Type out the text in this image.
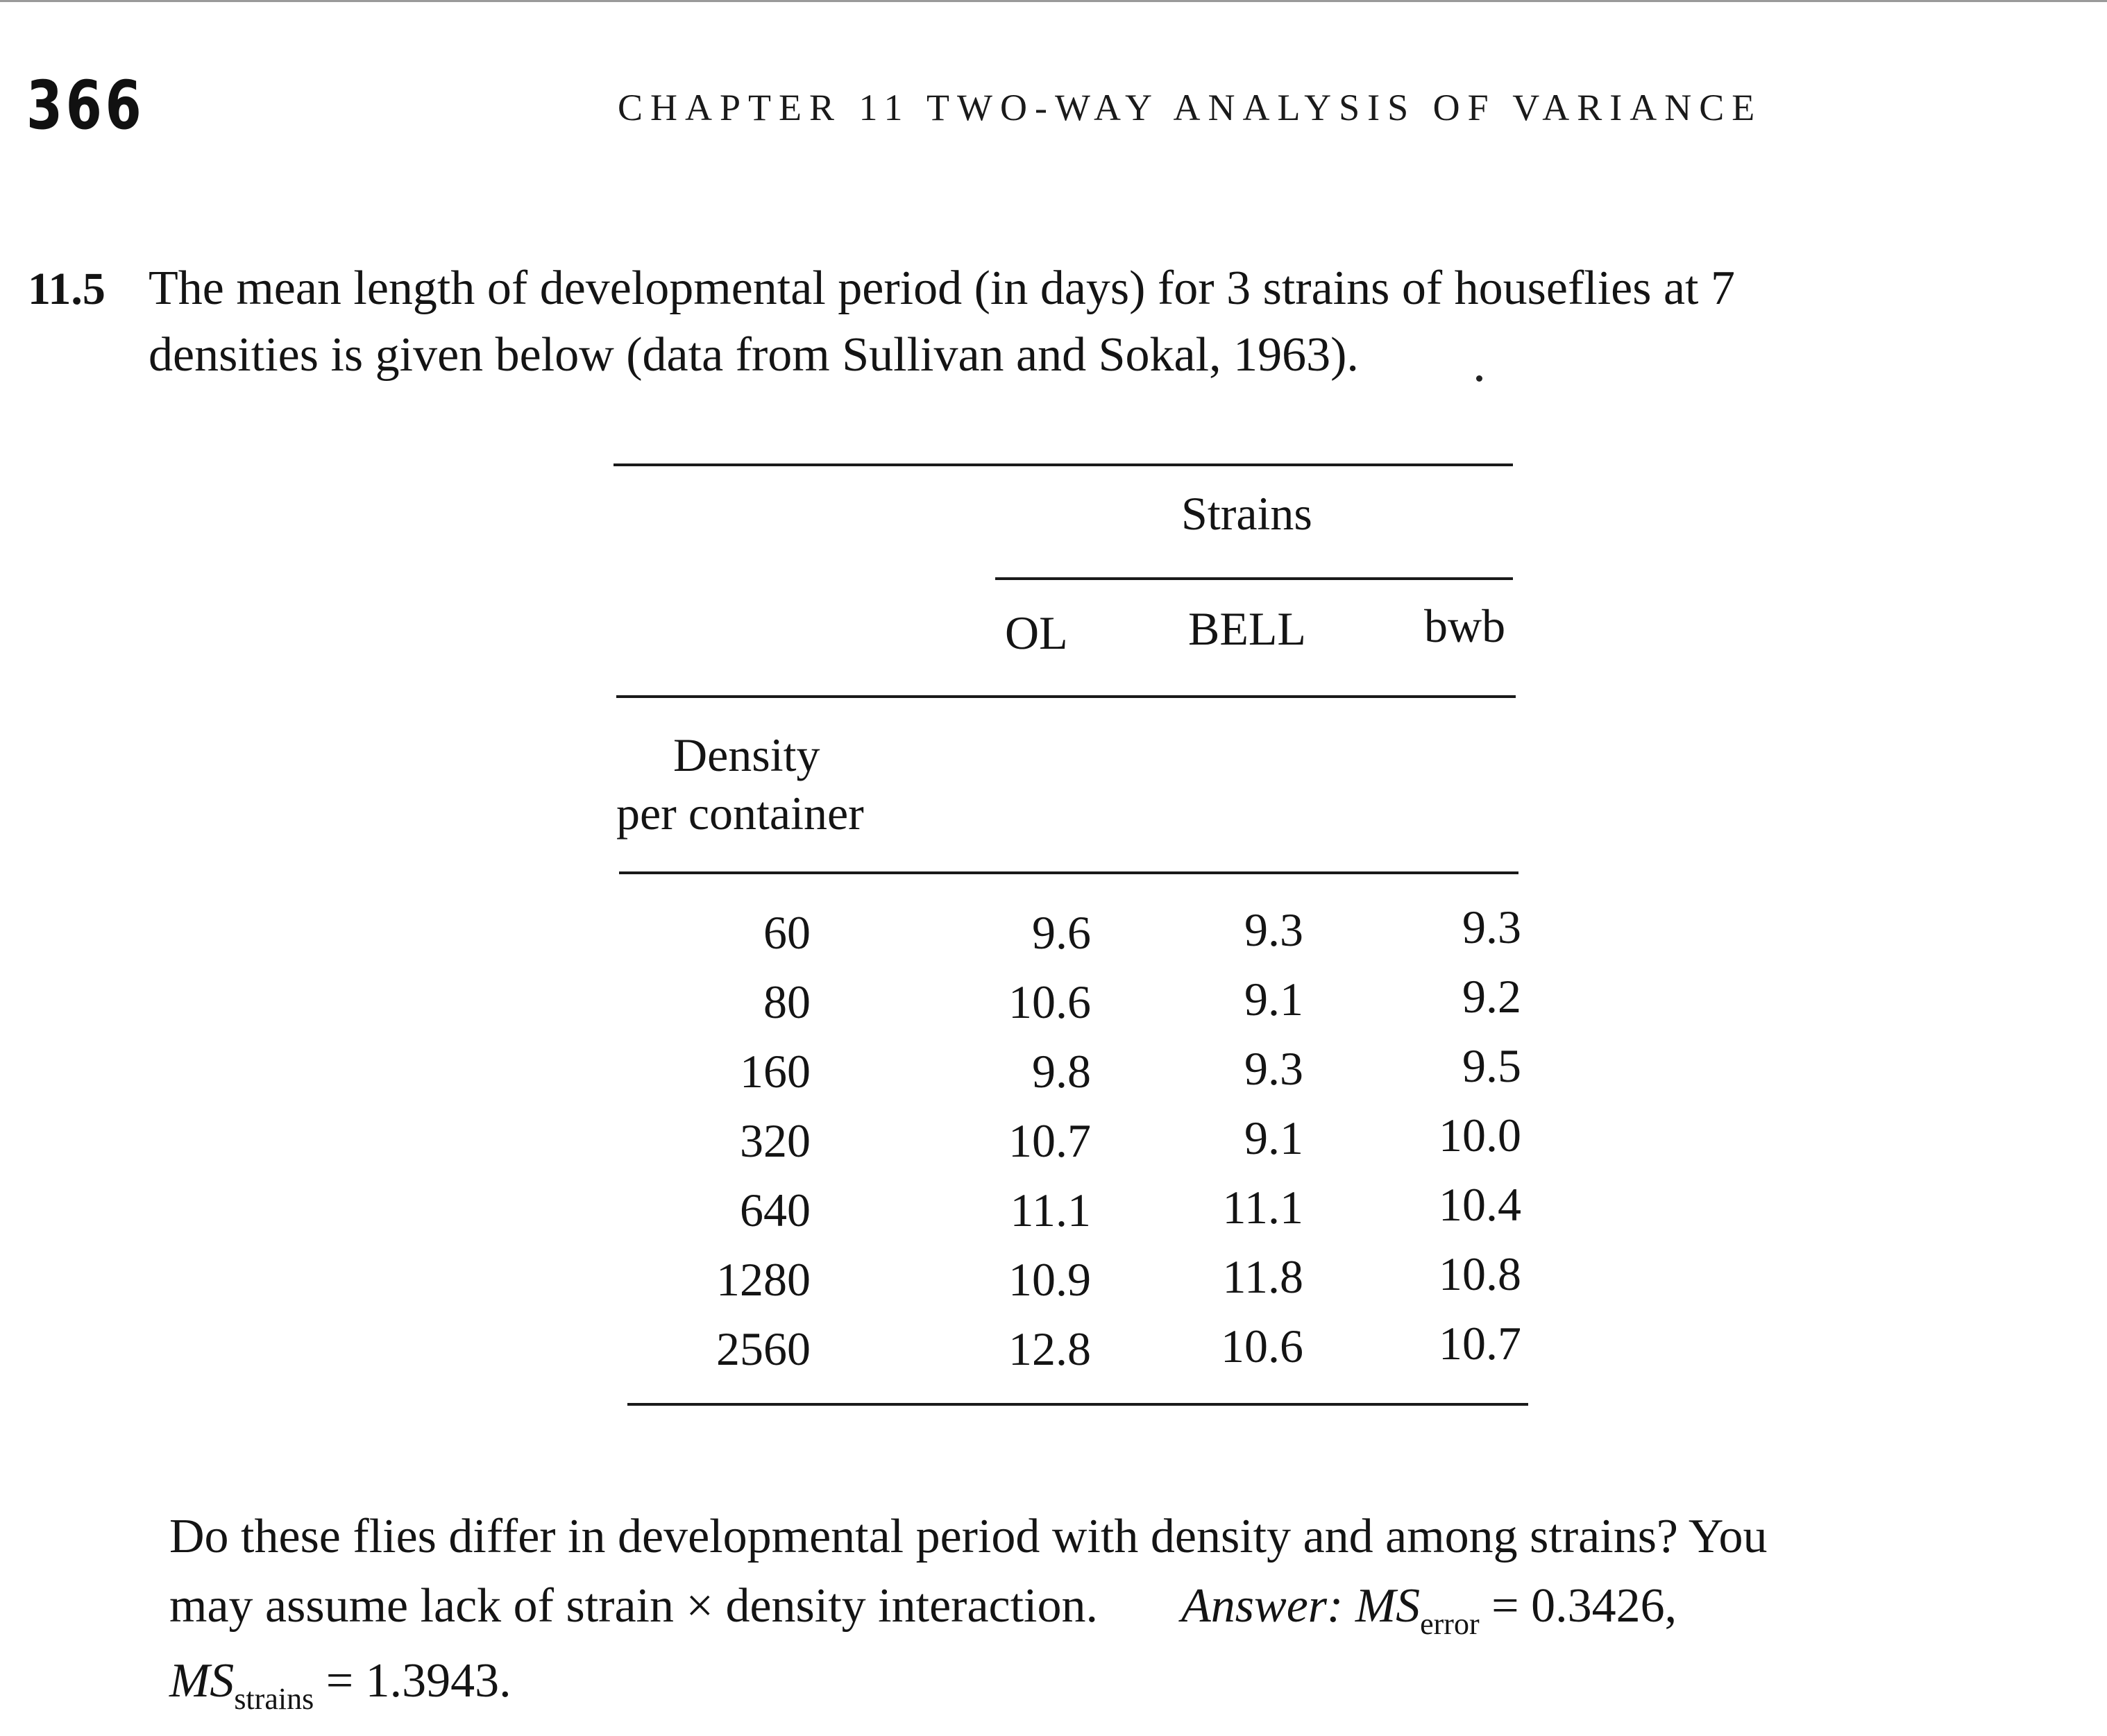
366	CHAPTER 11 TWO-WAY ANALYSIS OF VARIANCE
11.5 The mean length of developmental period (in days) for 3 strains of houseflies at 7
densities is given below (data from Sullivan and Sokal, 1963).
Strains
OL	BELL	bwb
Density
per container
60	9.6	9.3	9.3
80	10.6	9.1	9.2
160	9.8	9.3	9.5
320	10.7	9.1	10.0
640	11.1	11.1	10.4
1280	10.9	11.8	10.8
2560	12.8	10.6	10.7
Do these flies differ in developmental period with density and among strains? You
may assume lack of strain × density interaction. Answer: $MS_{error} = 0.3426$,
$MS_{strains} = 1.3943$.
